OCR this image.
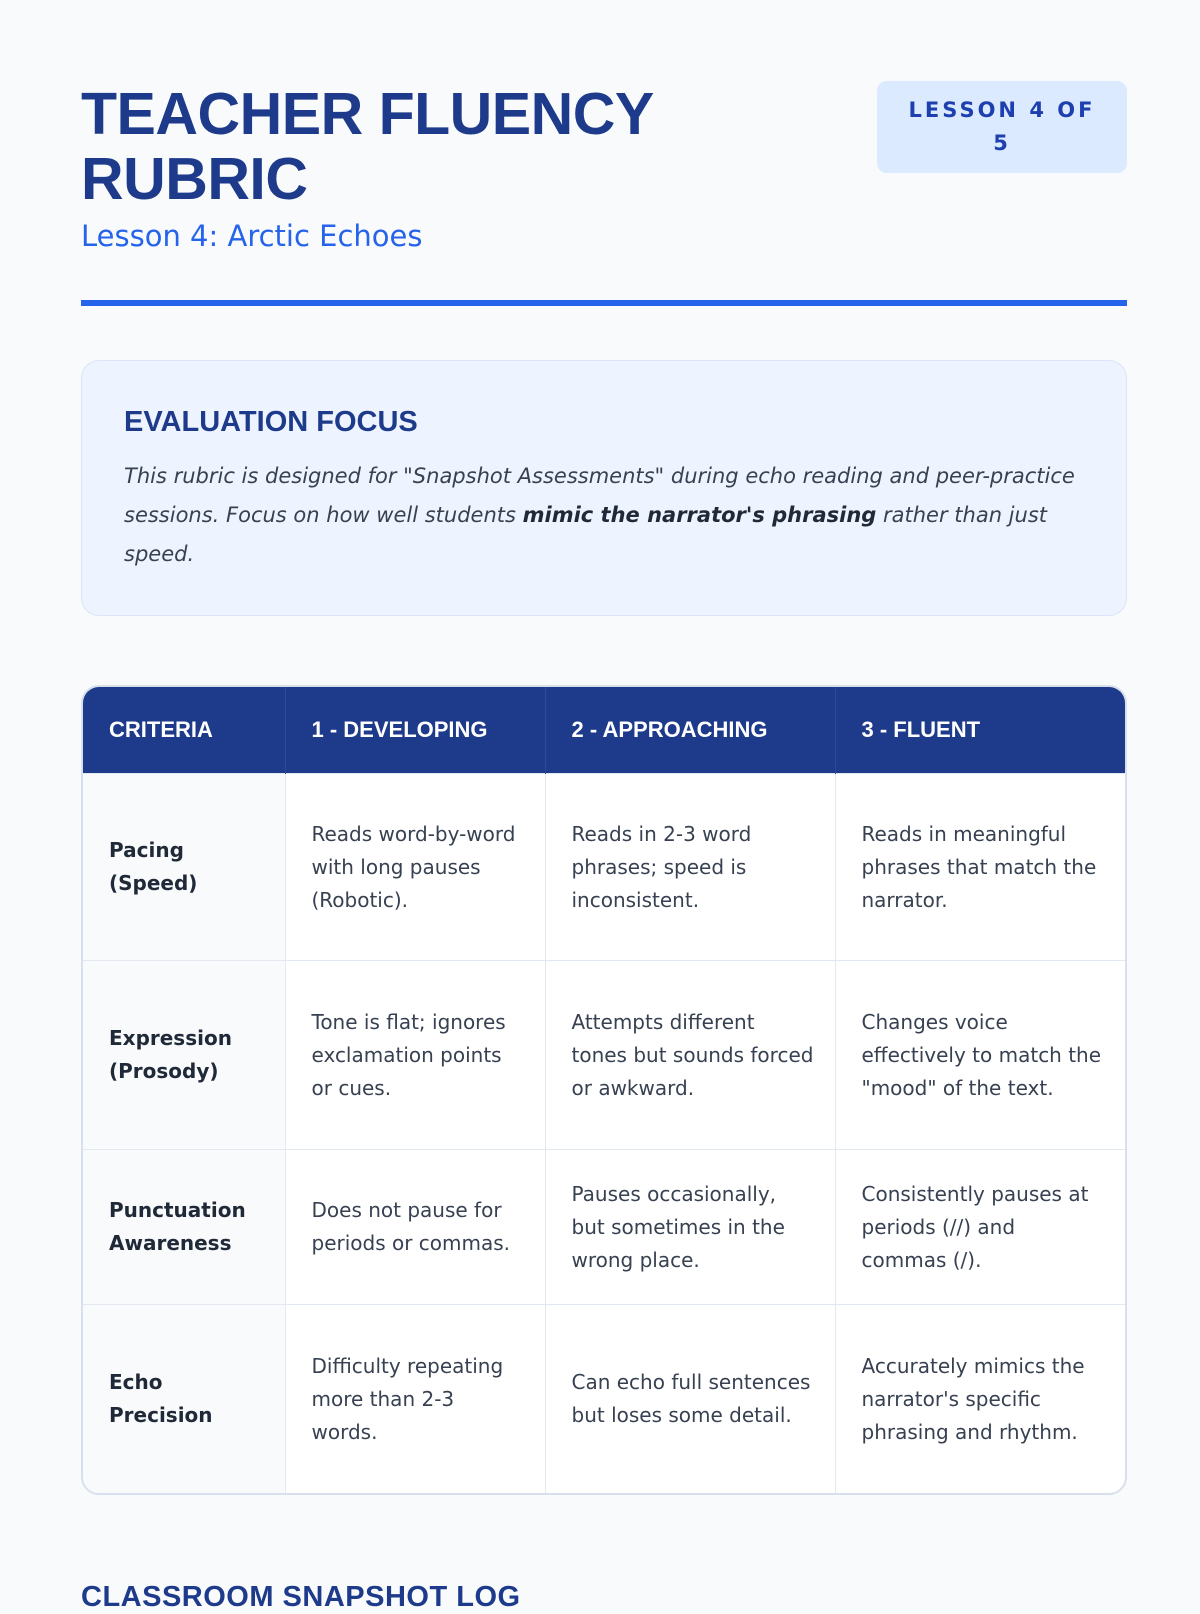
TEACHER FLUENCY RUBRIC
Lesson 4: Arctic Echoes
LESSON 4 OF 5
EVALUATION FOCUS

This rubric is designed for "Snapshot Assessments" during echo reading and peer-practice sessions. Focus on how well students mimic the narrator's phrasing rather than just speed.

CRITERIA	1 - DEVELOPING	2 - APPROACHING	3 - FLUENT
Pacing (Speed)	Reads word-by-word with long pauses (Robotic).	Reads in 2-3 word phrases; speed is inconsistent.	Reads in meaningful phrases that match the narrator.
Expression (Prosody)	Tone is flat; ignores exclamation points or cues.	Attempts different tones but sounds forced or awkward.	Changes voice effectively to match the "mood" of the text.
Punctuation Awareness	Does not pause for periods or commas.	Pauses occasionally, but sometimes in the wrong place.	Consistently pauses at periods (//) and commas (/).
Echo Precision	Difficulty repeating more than 2-3 words.	Can echo full sentences but loses some detail.	Accurately mimics the narrator's specific phrasing and rhythm.
CLASSROOM SNAPSHOT LOG
